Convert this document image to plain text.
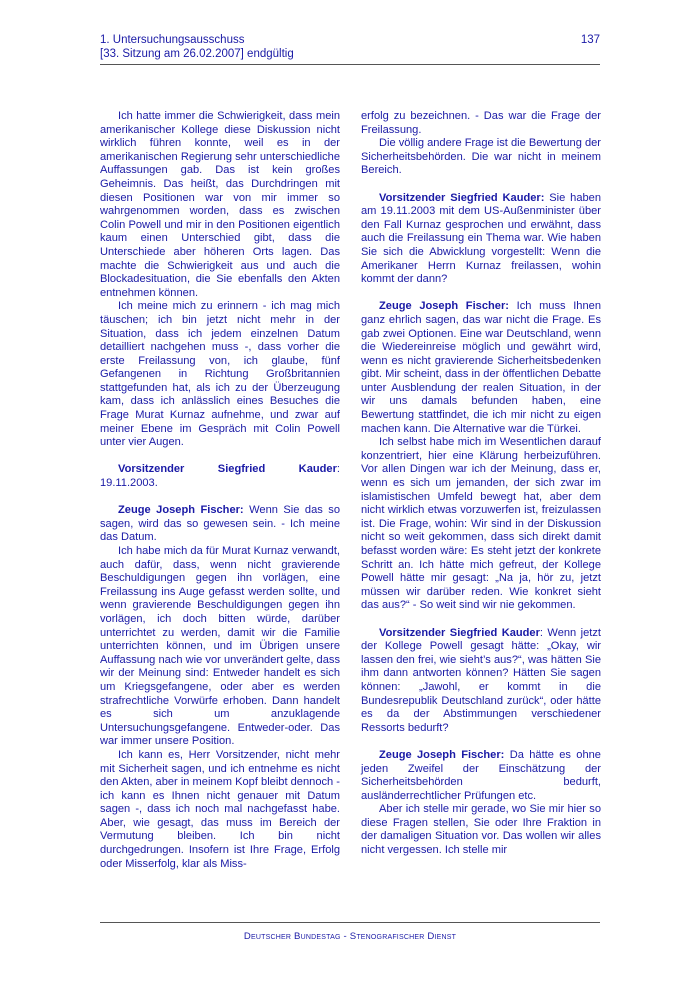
1. Untersuchungsausschuss
[33. Sitzung am 26.02.2007] endgültig
137

Ich hatte immer die Schwierigkeit, dass mein amerikanischer Kollege diese Diskussion nicht wirklich führen konnte, weil es in der amerikanischen Regierung sehr unterschiedliche Auffassungen gab. Das ist kein großes Geheimnis. Das heißt, das Durchdringen mit diesen Positionen war von mir immer so wahrgenommen worden, dass es zwischen Colin Powell und mir in den Positionen eigentlich kaum einen Unterschied gibt, dass die Unterschiede aber höheren Orts lagen. Das machte die Schwierigkeit aus und auch die Blockadesituation, die Sie ebenfalls den Akten entnehmen können.

Ich meine mich zu erinnern - ich mag mich täuschen; ich bin jetzt nicht mehr in der Situation, dass ich jedem einzelnen Datum detailliert nachgehen muss -, dass vorher die erste Freilassung von, ich glaube, fünf Gefangenen in Richtung Großbritannien stattgefunden hat, als ich zu der Überzeugung kam, dass ich anlässlich eines Besuches die Frage Murat Kurnaz aufnehme, und zwar auf meiner Ebene im Gespräch mit Colin Powell unter vier Augen.

Vorsitzender Siegfried Kauder: 19.11.2003.

Zeuge Joseph Fischer: Wenn Sie das so sagen, wird das so gewesen sein. - Ich meine das Datum.

Ich habe mich da für Murat Kurnaz verwandt, auch dafür, dass, wenn nicht gravierende Beschuldigungen gegen ihn vorlägen, eine Freilassung ins Auge gefasst werden sollte, und wenn gravierende Beschuldigungen gegen ihn vorlägen, ich doch bitten würde, darüber unterrichtet zu werden, damit wir die Familie unterrichten können, und im Übrigen unsere Auffassung nach wie vor unverändert gelte, dass wir der Meinung sind: Entweder handelt es sich um Kriegsgefangene, oder aber es werden strafrechtliche Vorwürfe erhoben. Dann handelt es sich um anzuklagende Untersuchungsgefangene. Entweder-oder. Das war immer unsere Position.

Ich kann es, Herr Vorsitzender, nicht mehr mit Sicherheit sagen, und ich entnehme es nicht den Akten, aber in meinem Kopf bleibt dennoch - ich kann es Ihnen nicht genauer mit Datum sagen -, dass ich noch mal nachgefasst habe. Aber, wie gesagt, das muss im Bereich der Vermutung bleiben. Ich bin nicht durchgedrungen. Insofern ist Ihre Frage, Erfolg oder Misserfolg, klar als Miss-

erfolg zu bezeichnen. - Das war die Frage der Freilassung.

Die völlig andere Frage ist die Bewertung der Sicherheitsbehörden. Die war nicht in meinem Bereich.

Vorsitzender Siegfried Kauder: Sie haben am 19.11.2003 mit dem US-Außenminister über den Fall Kurnaz gesprochen und erwähnt, dass auch die Freilassung ein Thema war. Wie haben Sie sich die Abwicklung vorgestellt: Wenn die Amerikaner Herrn Kurnaz freilassen, wohin kommt der dann?

Zeuge Joseph Fischer: Ich muss Ihnen ganz ehrlich sagen, das war nicht die Frage. Es gab zwei Optionen. Eine war Deutschland, wenn die Wiedereinreise möglich und gewährt wird, wenn es nicht gravierende Sicherheitsbedenken gibt. Mir scheint, dass in der öffentlichen Debatte unter Ausblendung der realen Situation, in der wir uns damals befunden haben, eine Bewertung stattfindet, die ich mir nicht zu eigen machen kann. Die Alternative war die Türkei.

Ich selbst habe mich im Wesentlichen darauf konzentriert, hier eine Klärung herbeizuführen. Vor allen Dingen war ich der Meinung, dass er, wenn es sich um jemanden, der sich zwar im islamistischen Umfeld bewegt hat, aber dem nicht wirklich etwas vorzuwerfen ist, freizulassen ist. Die Frage, wohin: Wir sind in der Diskussion nicht so weit gekommen, dass sich direkt damit befasst worden wäre: Es steht jetzt der konkrete Schritt an. Ich hätte mich gefreut, der Kollege Powell hätte mir gesagt: „Na ja, hör zu, jetzt müssen wir darüber reden. Wie konkret sieht das aus?“ - So weit sind wir nie gekommen.

Vorsitzender Siegfried Kauder: Wenn jetzt der Kollege Powell gesagt hätte: „Okay, wir lassen den frei, wie sieht’s aus?“, was hätten Sie ihm dann antworten können? Hätten Sie sagen können: „Jawohl, er kommt in die Bundesrepublik Deutschland zurück“, oder hätte es da der Abstimmungen verschiedener Ressorts bedurft?

Zeuge Joseph Fischer: Da hätte es ohne jeden Zweifel der Einschätzung der Sicherheitsbehörden bedurft, ausländerrechtlicher Prüfungen etc.

Aber ich stelle mir gerade, wo Sie mir hier so diese Fragen stellen, Sie oder Ihre Fraktion in der damaligen Situation vor. Das wollen wir alles nicht vergessen. Ich stelle mir

Deutscher Bundestag - Stenografischer Dienst
